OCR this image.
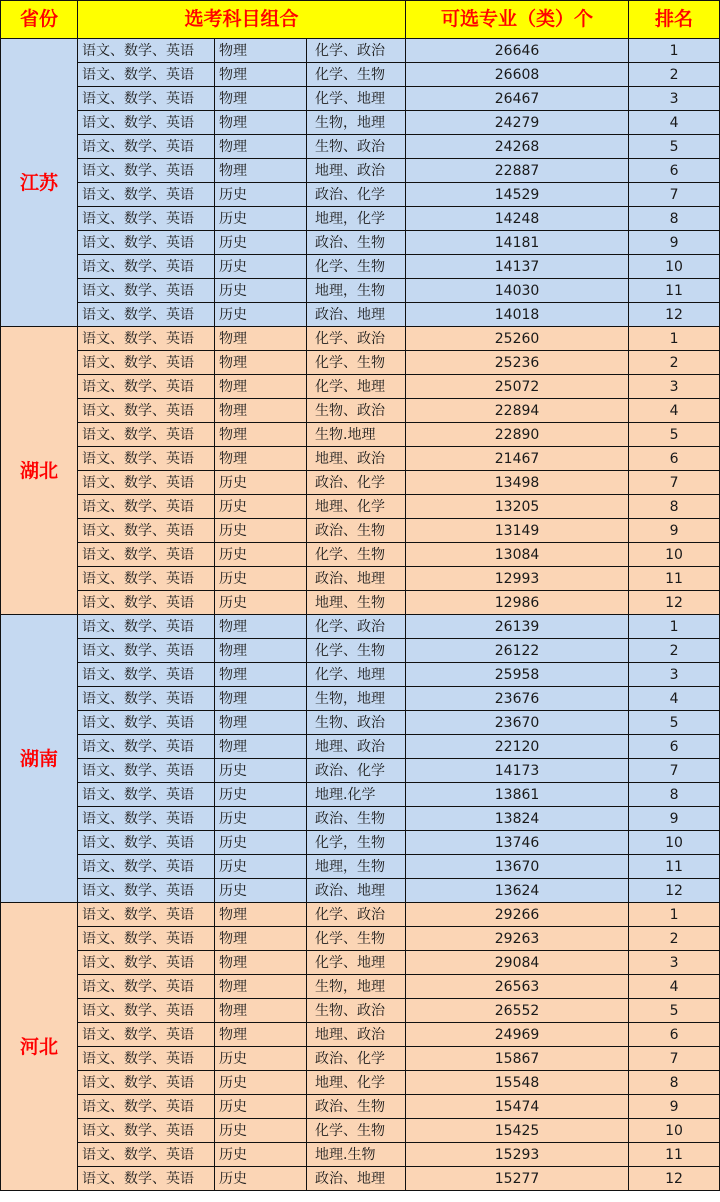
省份	选考科目组合			可选专业（类）个	排名
江苏	语文、数学、英语	物理	化学、政治	26646	1
	语文、数学、英语	物理	化学、生物	26608	2
	语文、数学、英语	物理	化学、地理	26467	3
	语文、数学、英语	物理	生物，地理	24279	4
	语文、数学、英语	物理	生物、政治	24268	5
	语文、数学、英语	物理	地理、政治	22887	6
	语文、数学、英语	历史	政治、化学	14529	7
	语文、数学、英语	历史	地理，化学	14248	8
	语文、数学、英语	历史	政治、生物	14181	9
	语文、数学、英语	历史	化学、生物	14137	10
	语文、数学、英语	历史	地理，生物	14030	11
	语文、数学、英语	历史	政治、地理	14018	12
湖北	语文、数学、英语	物理	化学、政治	25260	1
	语文、数学、英语	物理	化学、生物	25236	2
	语文、数学、英语	物理	化学、地理	25072	3
	语文、数学、英语	物理	生物、政治	22894	4
	语文、数学、英语	物理	生物.地理	22890	5
	语文、数学、英语	物理	地理、政治	21467	6
	语文、数学、英语	历史	政治、化学	13498	7
	语文、数学、英语	历史	地理、化学	13205	8
	语文、数学、英语	历史	政治、生物	13149	9
	语文、数学、英语	历史	化学、生物	13084	10
	语文、数学、英语	历史	政治、地理	12993	11
	语文、数学、英语	历史	地理、生物	12986	12
湖南	语文、数学、英语	物理	化学、政治	26139	1
	语文、数学、英语	物理	化学、生物	26122	2
	语文、数学、英语	物理	化学、地理	25958	3
	语文、数学、英语	物理	生物，地理	23676	4
	语文、数学、英语	物理	生物、政治	23670	5
	语文、数学、英语	物理	地理、政治	22120	6
	语文、数学、英语	历史	政治、化学	14173	7
	语文、数学、英语	历史	地理.化学	13861	8
	语文、数学、英语	历史	政治、生物	13824	9
	语文、数学、英语	历史	化学，生物	13746	10
	语文、数学、英语	历史	地理，生物	13670	11
	语文、数学、英语	历史	政治、地理	13624	12
河北	语文、数学、英语	物理	化学、政治	29266	1
	语文、数学、英语	物理	化学、生物	29263	2
	语文、数学、英语	物理	化学、地理	29084	3
	语文、数学、英语	物理	生物，地理	26563	4
	语文、数学、英语	物理	生物、政治	26552	5
	语文、数学、英语	物理	地理、政治	24969	6
	语文、数学、英语	历史	政治、化学	15867	7
	语文、数学、英语	历史	地理、化学	15548	8
	语文、数学、英语	历史	政治、生物	15474	9
	语文、数学、英语	历史	化学、生物	15425	10
	语文、数学、英语	历史	地理.生物	15293	11
	语文、数学、英语	历史	政治、地理	15277	12
